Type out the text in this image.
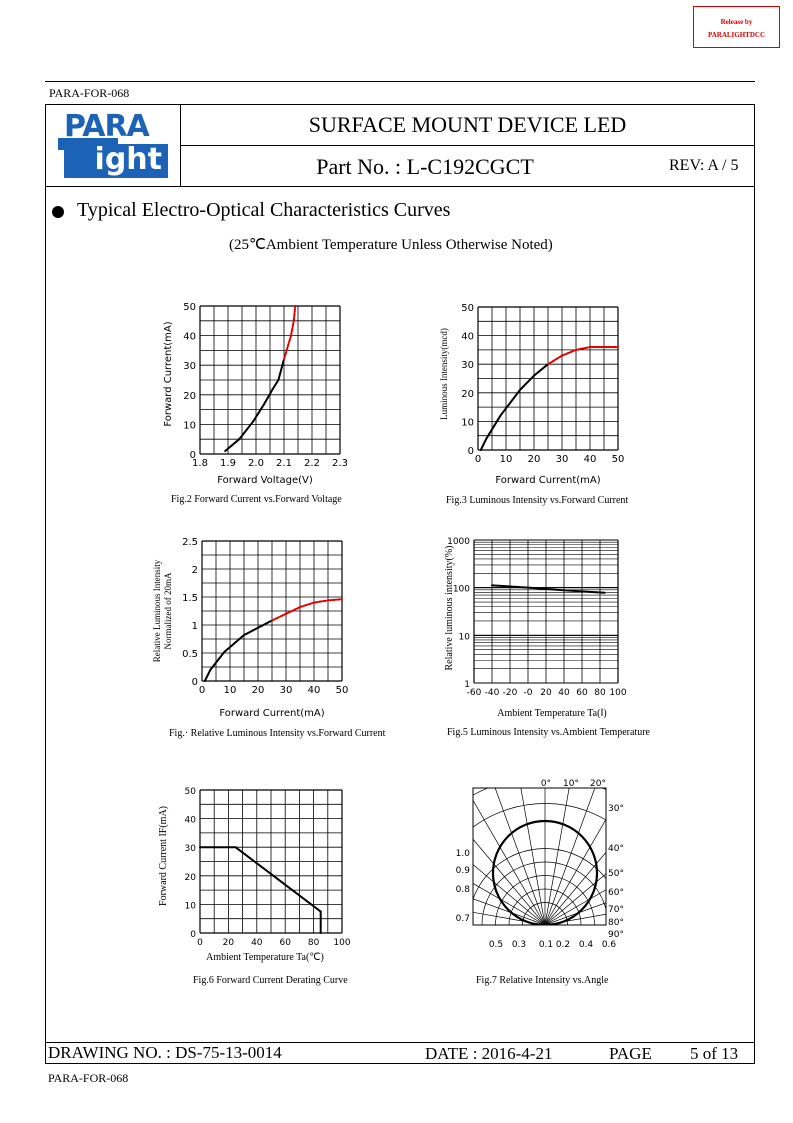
Release by
PARALIGHTDCC
PARA-FOR-068
PARA
ight
SURFACE MOUNT DEVICE LED
Part No. : L-C192CGCT	REV: A / 5
Typical Electro-Optical Characteristics Curves
(25℃Ambient Temperature Unless Otherwise Noted)
1.8 1.9 2.0 2.1 2.2 2.3
0
10
20
30
40
50
Forward Voltage(V)
Forward Current(mA)
Fig.2 Forward Current vs.Forward Voltage
0 10 20 30 40 50
0
10
20
30
40
50
Forward Current(mA)
Luminous Intensity(mcd)
Fig.3 Luminous Intensity vs.Forward Current
0 10 20 30 40 50
0
0.5
1
1.5
2
2.5
Forward Current(mA)
Relative Luminous IntensityNormalized of 20mA
Fig.· Relative Luminous Intensity vs.Forward Current
-60 -40 -20 -0 20 40 60 80 100
1
10
100
1000
Ambient Temperature Ta(Ⅰ)
Relative luminous intensity(%)
Fig.5 Luminous Intensity vs.Ambient Temperature
0 20 40 60 80 100
0
10
20
30
40
50
Ambient Temperature Ta(℃)
Forward Current IF(mA)
Fig.6 Forward Current Derating Curve
0° 10° 20°
30°
40°
50°
60°
70°
80°
90°
1.0
0.9
0.8
0.7
0.5 0.3 0.1 0.2 0.4 0.6
Fig.7 Relative Intensity vs.Angle
DRAWING NO. : DS-75-13-0014	DATE : 2016-4-21	PAGE 5 of 13
PARA-FOR-068
